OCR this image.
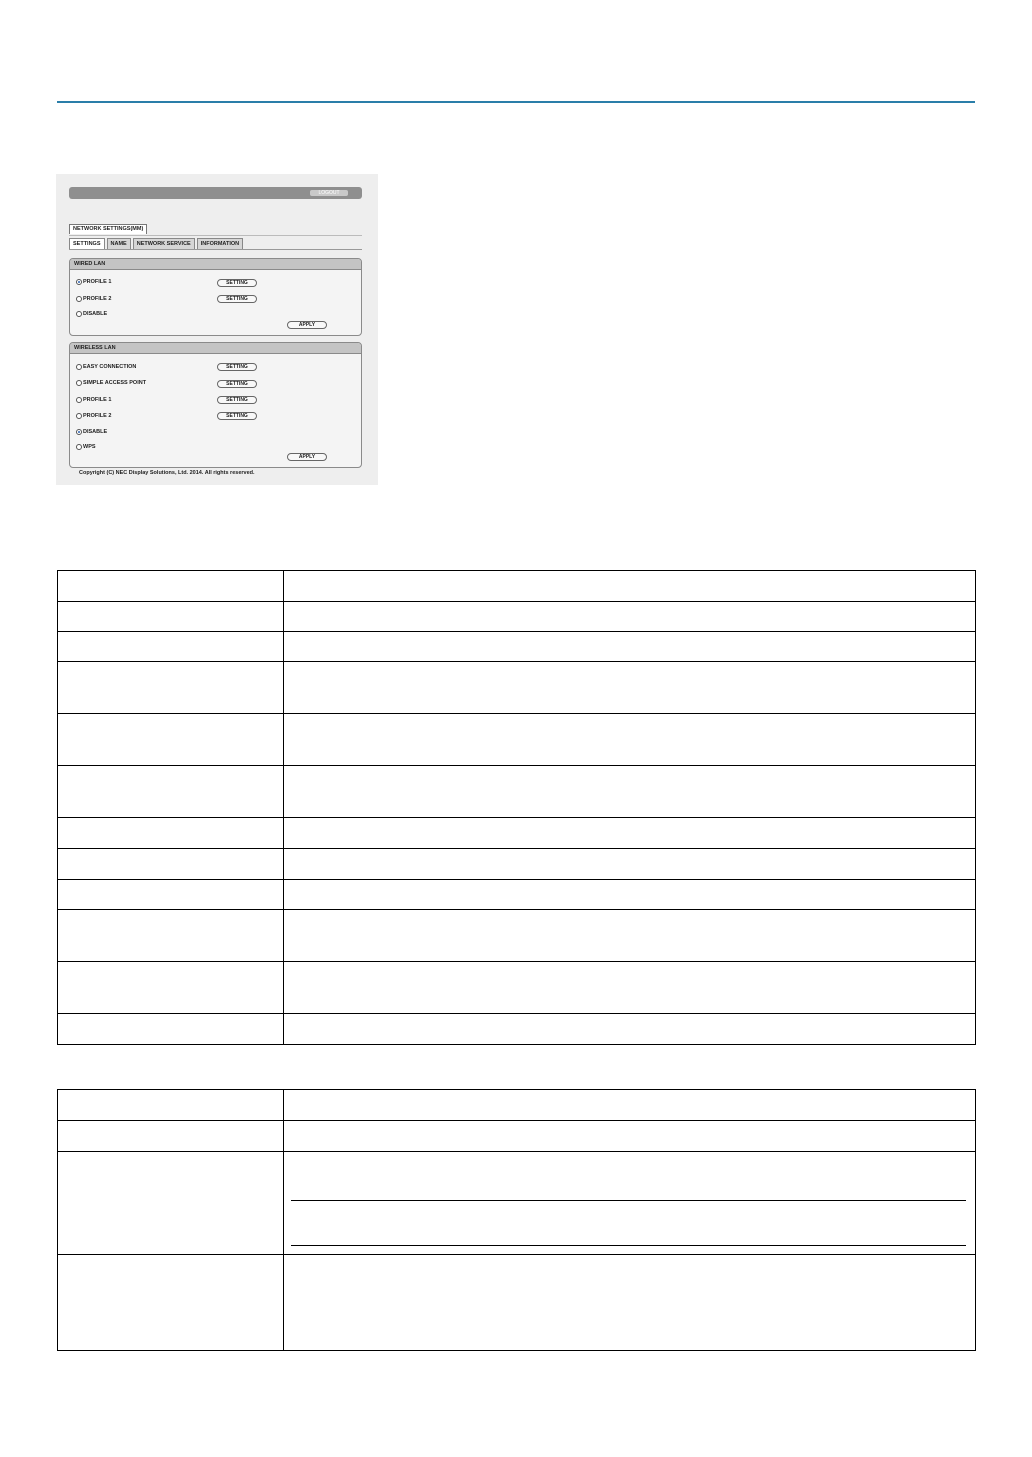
LOGOUT
NETWORK SETTINGS(MM)
SETTINGS	NAME	NETWORK SERVICE	INFORMATION
WIRED LAN
PROFILE 1	SETTING
PROFILE 2	SETTING
DISABLE
APPLY
WIRELESS LAN
EASY CONNECTION	SETTING
SIMPLE ACCESS POINT	SETTING
PROFILE 1	SETTING
PROFILE 2	SETTING
DISABLE
WPS
APPLY
Copyright (C) NEC Display Solutions, Ltd. 2014. All rights reserved.
